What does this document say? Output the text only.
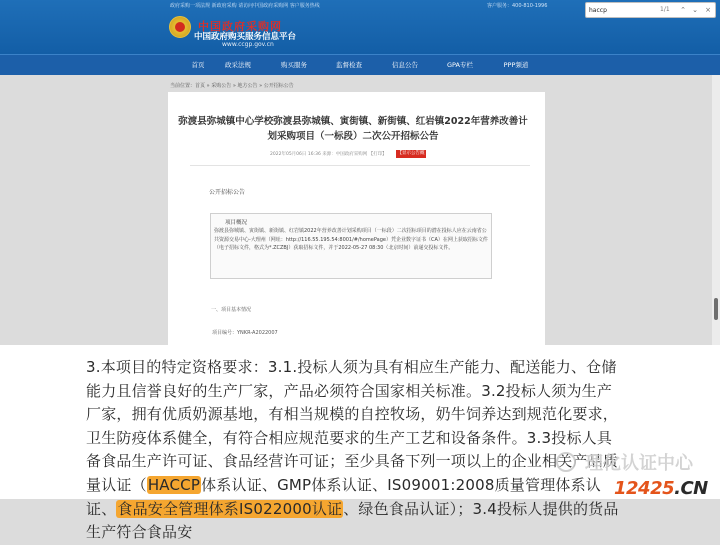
政府采购一项法规 新政府采购 请访问中国政府采购网 客户服务热线	客户服务：400-810-1996
中国政府采购网
中国政府购买服务信息平台
www.ccgp.gov.cn
haccp
1/1	⌃ ⌄ ×
首页	政采法规	购买服务	监督检查	信息公告	GPA专栏	PPP频道
当前位置：首页 » 采购公告 » 地方公告 » 公开招标公告
弥渡县弥城镇中心学校弥渡县弥城镇、寅街镇、新街镇、红岩镇2022年营养改善计划采购项目（一标段）二次公开招标公告
2022年05月06日 16:36 来源：中国政府采购网 【打印】	【显示公告概要】
公开招标公告
项目概况
弥渡县弥城镇、寅街镇、新街镇、红岩镇2022年营养改善计划采购项目（一标段）二次招标项目的潜在投标人应在云南省公共资源交易中心-大理州（网址：http://116.55.195.54:8001/#/homePage）凭企业数字证书（CA）在网上获取招标文件（电子招标文件，格式为*.ZCZBJ）获取招标文件，并于2022-05-27 08:30（北京时间）前递交投标文件。
一、项目基本情况
项目编号：YNKR-A2022007
3.本项目的特定资格要求：3.1.投标人须为具有相应生产能力、配送能力、仓储能力且信誉良好的生产厂家，产品必须符合国家相关标准。3.2投标人须为生产厂家，拥有优质奶源基地，有相当规模的自控牧场，奶牛饲养达到规范化要求，卫生防疫体系健全，有符合相应规范要求的生产工艺和设备条件。3.3投标人具备食品生产许可证、食品经营许可证；至少具备下列一项以上的企业相关产品质量认证（HACCP体系认证、GMP体系认证、IS09001:2008质量管理体系认证、食品安全管理体系IS022000认证、绿色食品认证）；3.4投标人提供的货品生产符合食品安
理化认证中心
12425.CN
